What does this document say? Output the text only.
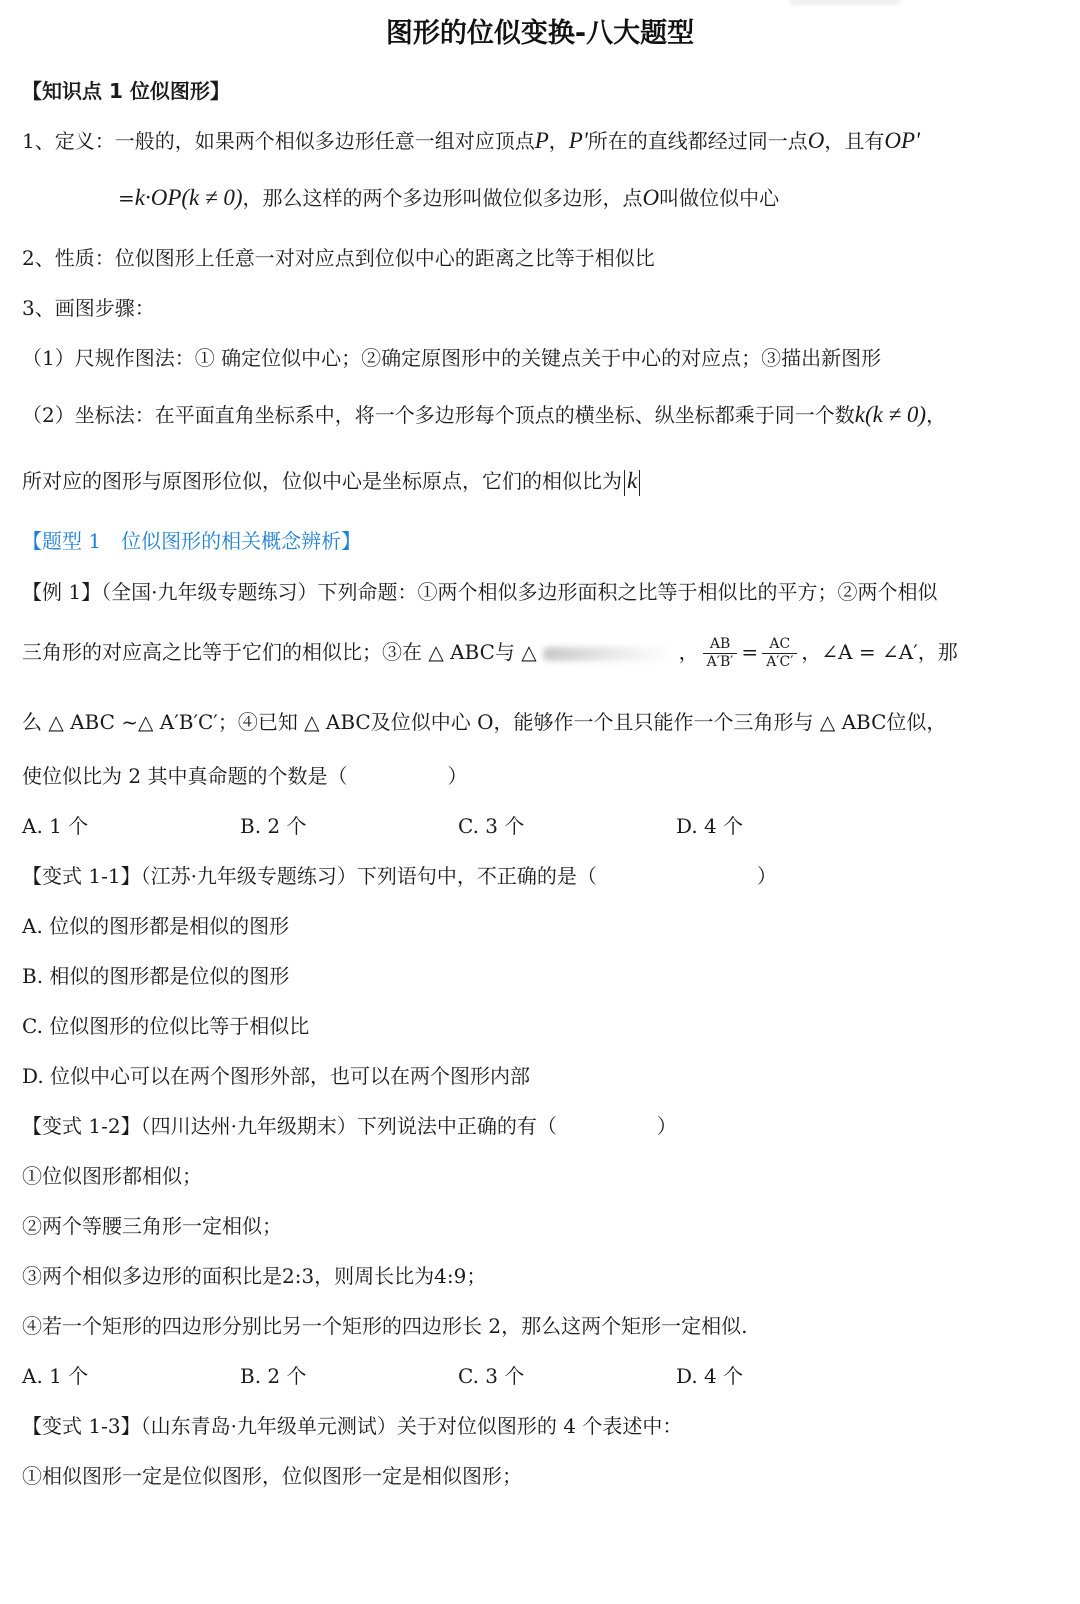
图形的位似变换-八大题型
【知识点 1 位似图形】
1、定义：一般的，如果两个相似多边形任意一组对应顶点P，P'所在的直线都经过同一点O，且有OP'
=k·OP(k ≠ 0)，那么这样的两个多边形叫做位似多边形，点O叫做位似中心
2、性质：位似图形上任意一对对应点到位似中心的距离之比等于相似比
3、画图步骤：
（1）尺规作图法：① 确定位似中心；②确定原图形中的关键点关于中心的对应点；③描出新图形
（2）坐标法：在平面直角坐标系中，将一个多边形每个顶点的横坐标、纵坐标都乘于同一个数k(k ≠ 0)，
所对应的图形与原图形位似，位似中心是坐标原点，它们的相似比为 k
【题型 1　位似图形的相关概念辨析】
【例 1】（全国·九年级专题练习）下列命题：①两个相似多边形面积之比等于相似比的平方；②两个相似
三角形的对应高之比等于它们的相似比；③在 △ ABC与 △	， $\frac{AB}{A'B'} = \frac{AC}{A'C'}$ ，∠A = ∠A′，那
么 △ ABC ~△ A′B′C′；④已知 △ ABC及位似中心 O，能够作一个且只能作一个三角形与 △ ABC位似，
使位似比为 2 其中真命题的个数是（　　　　　）
A. 1 个	B. 2 个	C. 3 个	D. 4 个
【变式 1-1】（江苏·九年级专题练习）下列语句中，不正确的是（　　　　　　　　）
A. 位似的图形都是相似的图形
B. 相似的图形都是位似的图形
C. 位似图形的位似比等于相似比
D. 位似中心可以在两个图形外部，也可以在两个图形内部
【变式 1-2】（四川达州·九年级期末）下列说法中正确的有（　　　　　）
①位似图形都相似；
②两个等腰三角形一定相似；
③两个相似多边形的面积比是2:3，则周长比为4:9；
④若一个矩形的四边形分别比另一个矩形的四边形长 2，那么这两个矩形一定相似.
A. 1 个	B. 2 个	C. 3 个	D. 4 个
【变式 1-3】（山东青岛·九年级单元测试）关于对位似图形的 4 个表述中：
①相似图形一定是位似图形，位似图形一定是相似图形；
